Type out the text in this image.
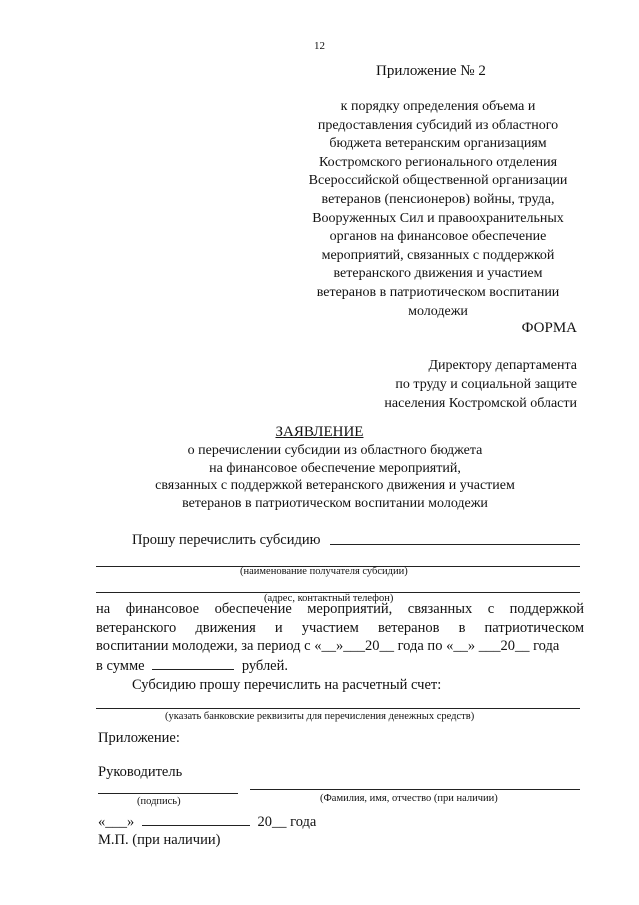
12
Приложение № 2
к порядку определения объема и
предоставления субсидий из областного
бюджета ветеранским организациям
Костромского регионального отделения
Всероссийской общественной организации
ветеранов (пенсионеров) войны, труда,
Вооруженных Сил и правоохранительных
органов на финансовое обеспечение
мероприятий, связанных с поддержкой
ветеранского движения и участием
ветеранов в патриотическом воспитании
молодежи
ФОРМА
Директору департамента
по труду и социальной защите
населения Костромской области
ЗАЯВЛЕНИЕ
о перечислении субсидии из областного бюджета
на финансовое обеспечение мероприятий,
связанных с поддержкой ветеранского движения и участием
ветеранов в патриотическом воспитании молодежи
Прошу перечислить субсидию
(наименование получателя субсидии)
(адрес, контактный телефон)
на финансовое обеспечение мероприятий, связанных с поддержкой
ветеранского движения и участием ветеранов в патриотическом
воспитании молодежи, за период с «__»___20__ года по «__» ___20__ года
в сумме	рублей.
Субсидию прошу перечислить на расчетный счет:
(указать банковские реквизиты для перечисления денежных средств)
Приложение:
Руководитель
(подпись)	(Фамилия, имя, отчество (при наличии)
«___»	20__ года
М.П. (при наличии)
